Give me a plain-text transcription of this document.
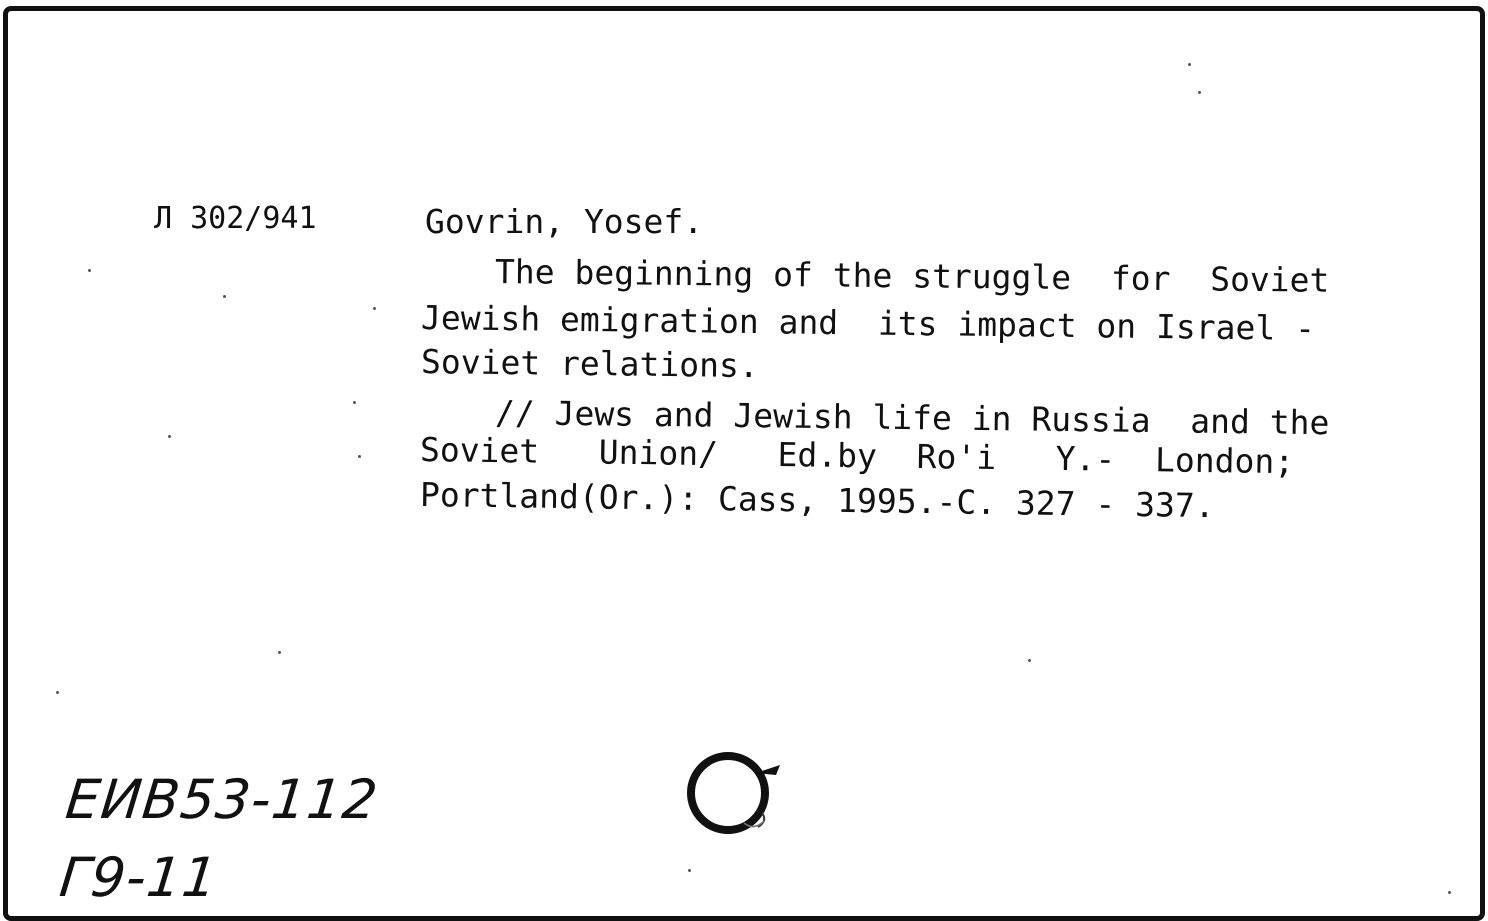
Л 302/941	Govrin, Yosef.
The beginning of the struggle  for  Soviet
Jewish emigration and  its impact on Israel -
Soviet relations.
// Jews and Jewish life in Russia  and the
Soviet   Union/   Ed.by  Ro'i   Y.-  London;
Portland(Or.): Cass, 1995.-C. 327 - 337.
ЕИВ53-112
Г9-11
